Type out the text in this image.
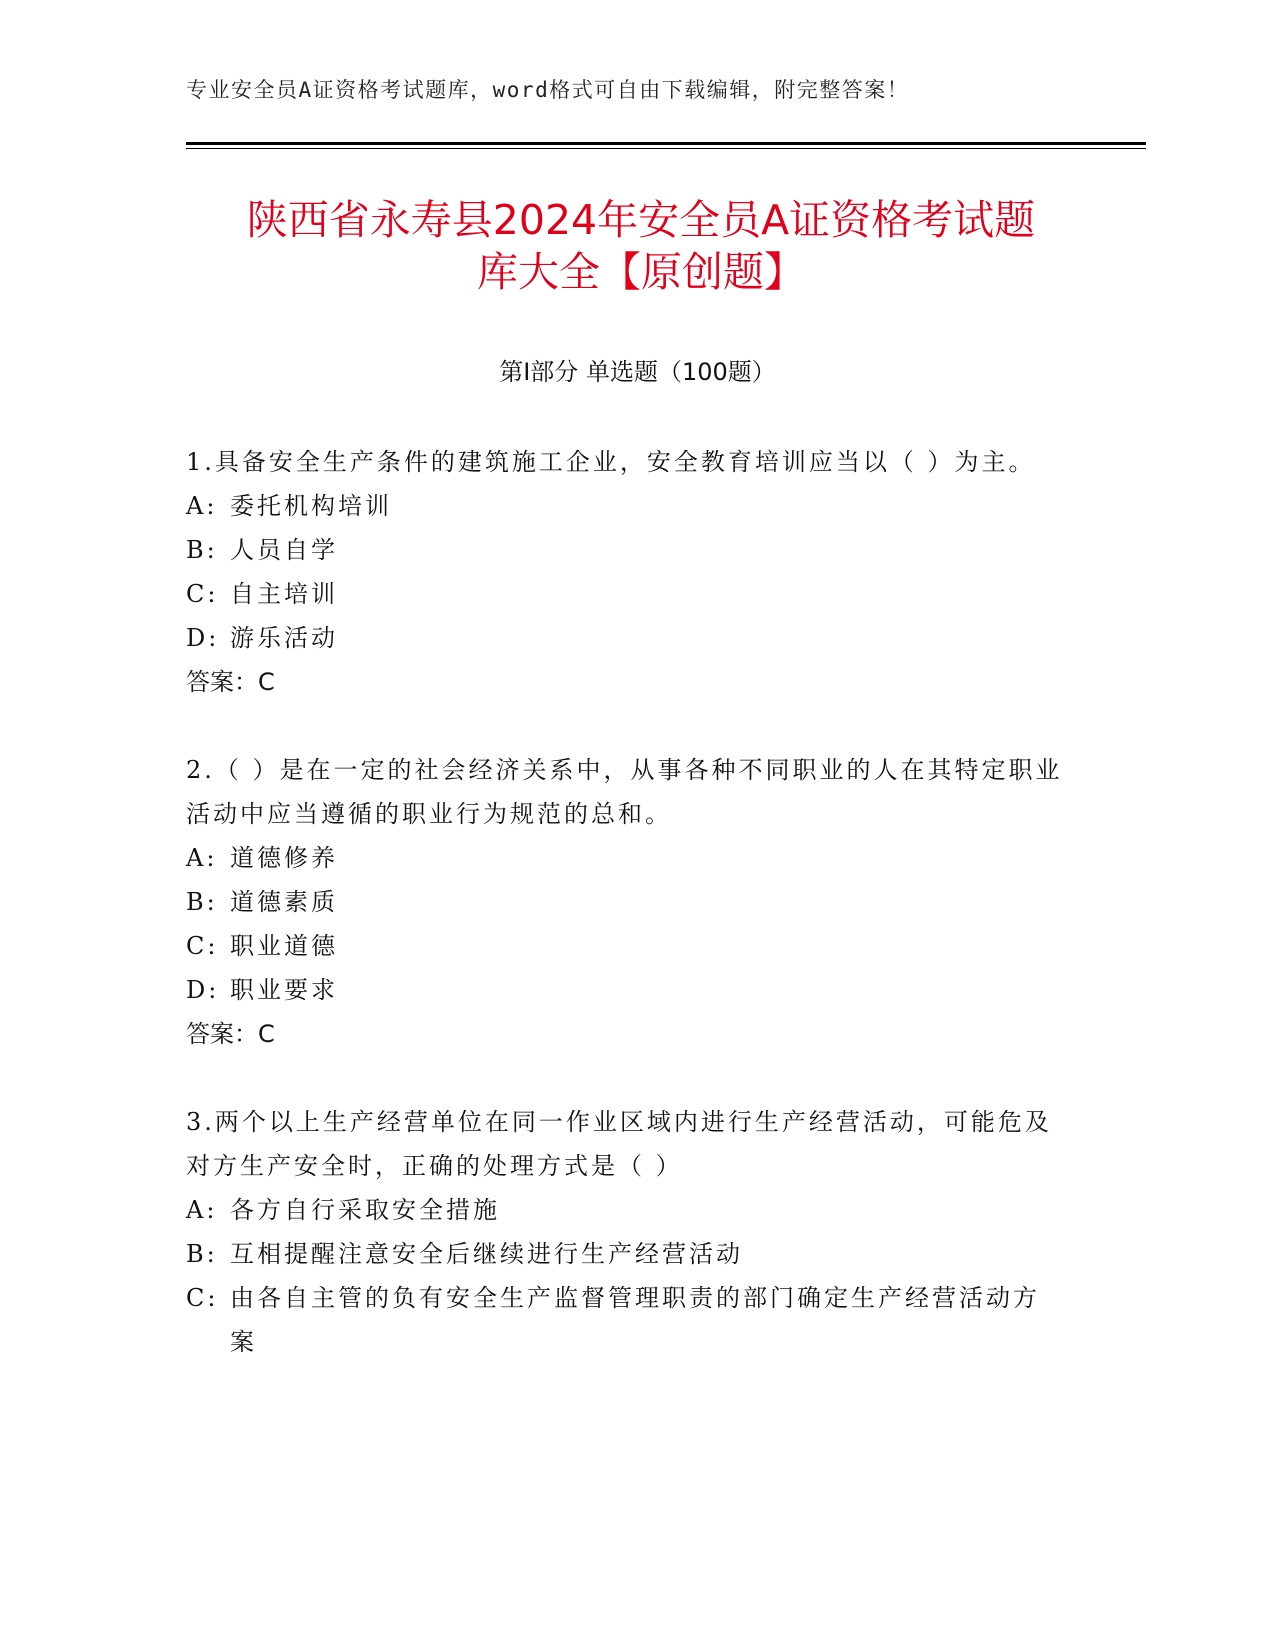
专业安全员A证资格考试题库，word格式可自由下载编辑，附完整答案！
陕西省永寿县2024年安全员A证资格考试题
库大全【原创题】
第Ⅰ部分 单选题（100题）

1.具备安全生产条件的建筑施工企业，安全教育培训应当以（ ）为主。

A: 委托机构培训
B: 人员自学
C: 自主培训
D: 游乐活动
答案：C

2.（ ）是在一定的社会经济关系中，从事各种不同职业的人在其特定职业活动中应当遵循的职业行为规范的总和。

A: 道德修养
B: 道德素质
C: 职业道德
D: 职业要求
答案：C

3.两个以上生产经营单位在同一作业区域内进行生产经营活动，可能危及对方生产安全时，正确的处理方式是（ ）

A: 各方自行采取安全措施
B: 互相提醒注意安全后继续进行生产经营活动
C: 由各自主管的负有安全生产监督管理职责的部门确定生产经营活动方案
